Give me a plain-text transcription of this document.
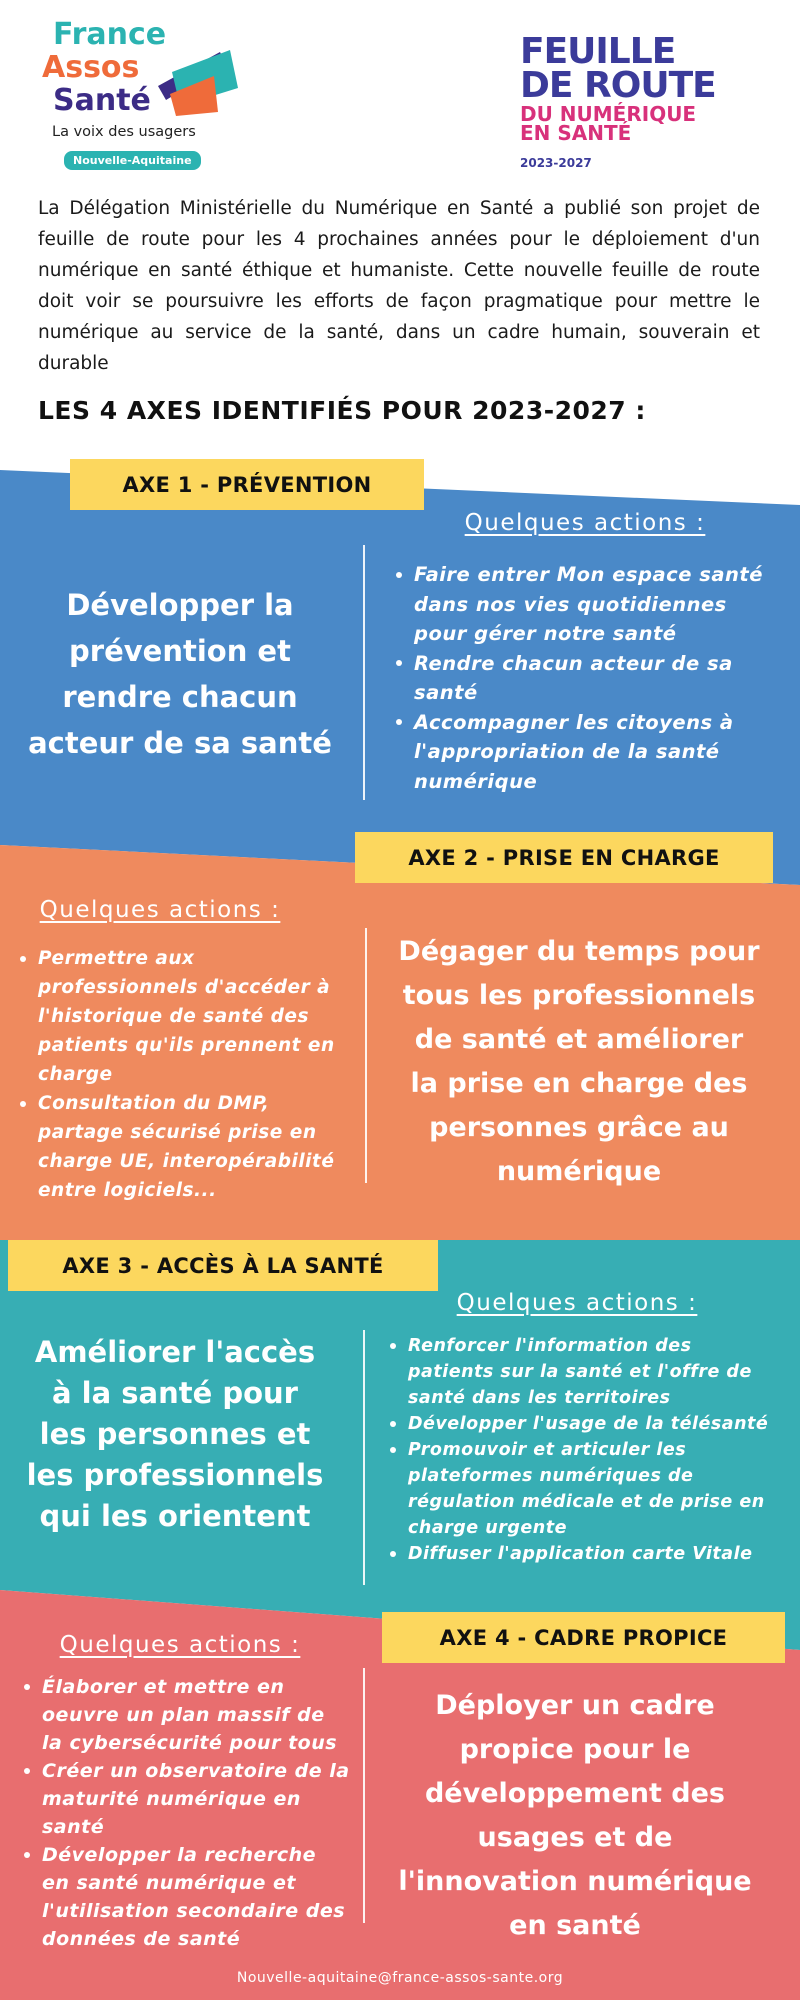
France
Assos
Santé
La voix des usagers
Nouvelle-Aquitaine
FEUILLE
DE ROUTE
DU NUMÉRIQUE
EN SANTÉ
2023-2027

La Délégation Ministérielle du Numérique en Santé a publié son projet de feuille de route pour les 4 prochaines années pour le déploiement d'un numérique en santé éthique et humaniste. Cette nouvelle feuille de route doit voir se poursuivre les efforts de façon pragmatique pour mettre le numérique au service de la santé, dans un cadre humain, souverain et durable

LES 4 AXES IDENTIFIÉS POUR 2023-2027 :
AXE 1 - PRÉVENTION
Quelques actions :
Développer la prévention et rendre chacun acteur de sa santé
Faire entrer Mon espace santé dans nos vies quotidiennes pour gérer notre santé
Rendre chacun acteur de sa santé
Accompagner les citoyens à l'appropriation de la santé numérique
AXE 2 - PRISE EN CHARGE
Quelques actions :
Permettre aux professionnels d'accéder à l'historique de santé des patients qu'ils prennent en charge
Consultation du DMP, partage sécurisé prise en charge UE, interopérabilité entre logiciels...
Dégager du temps pour tous les professionnels de santé et améliorer la prise en charge des personnes grâce au numérique
AXE 3 - ACCÈS À LA SANTÉ
Quelques actions :
Améliorer l'accès à la santé pour les personnes et les professionnels qui les orientent
Renforcer l'information des patients sur la santé et l'offre de santé dans les territoires
Développer l'usage de la télésanté
Promouvoir et articuler les plateformes numériques de régulation médicale et de prise en charge urgente
Diffuser l'application carte Vitale
AXE 4 - CADRE PROPICE
Quelques actions :
Élaborer et mettre en oeuvre un plan massif de la cybersécurité pour tous
Créer un observatoire de la maturité numérique en santé
Développer la recherche en santé numérique et l'utilisation secondaire des données de santé
Déployer un cadre propice pour le développement des usages et de l'innovation numérique en santé
Nouvelle-aquitaine@france-assos-sante.org
